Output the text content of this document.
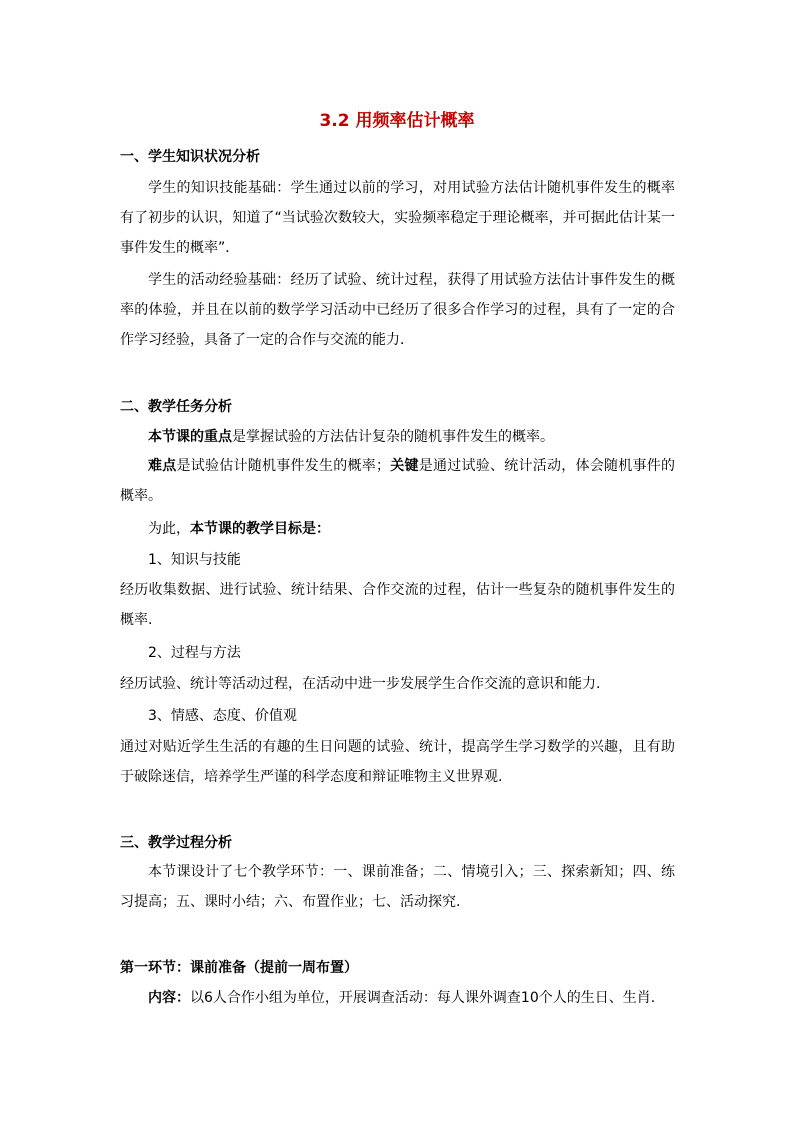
3.2 用频率估计概率
一、学生知识状况分析
学生的知识技能基础：学生通过以前的学习，对用试验方法估计随机事件发生的概率有了初步的认识，知道了“当试验次数较大，实验频率稳定于理论概率，并可据此估计某一事件发生的概率”．
学生的活动经验基础：经历了试验、统计过程，获得了用试验方法估计事件发生的概率的体验，并且在以前的数学学习活动中已经历了很多合作学习的过程，具有了一定的合作学习经验，具备了一定的合作与交流的能力．
二、教学任务分析
本节课的重点是掌握试验的方法估计复杂的随机事件发生的概率。
难点是试验估计随机事件发生的概率；关键是通过试验、统计活动，体会随机事件的概率。
为此，本节课的教学目标是：
1、知识与技能
经历收集数据、进行试验、统计结果、合作交流的过程，估计一些复杂的随机事件发生的概率.
2、过程与方法
经历试验、统计等活动过程，在活动中进一步发展学生合作交流的意识和能力.
3、情感、态度、价值观
通过对贴近学生生活的有趣的生日问题的试验、统计，提高学生学习数学的兴趣，且有助于破除迷信，培养学生严谨的科学态度和辩证唯物主义世界观.
三、教学过程分析
本节课设计了七个教学环节：一、课前准备；二、情境引入；三、探索新知；四、练习提高；五、课时小结；六、布置作业；七、活动探究.
第一环节：课前准备（提前一周布置）
内容：以6人合作小组为单位，开展调查活动：每人课外调查10个人的生日、生肖.
